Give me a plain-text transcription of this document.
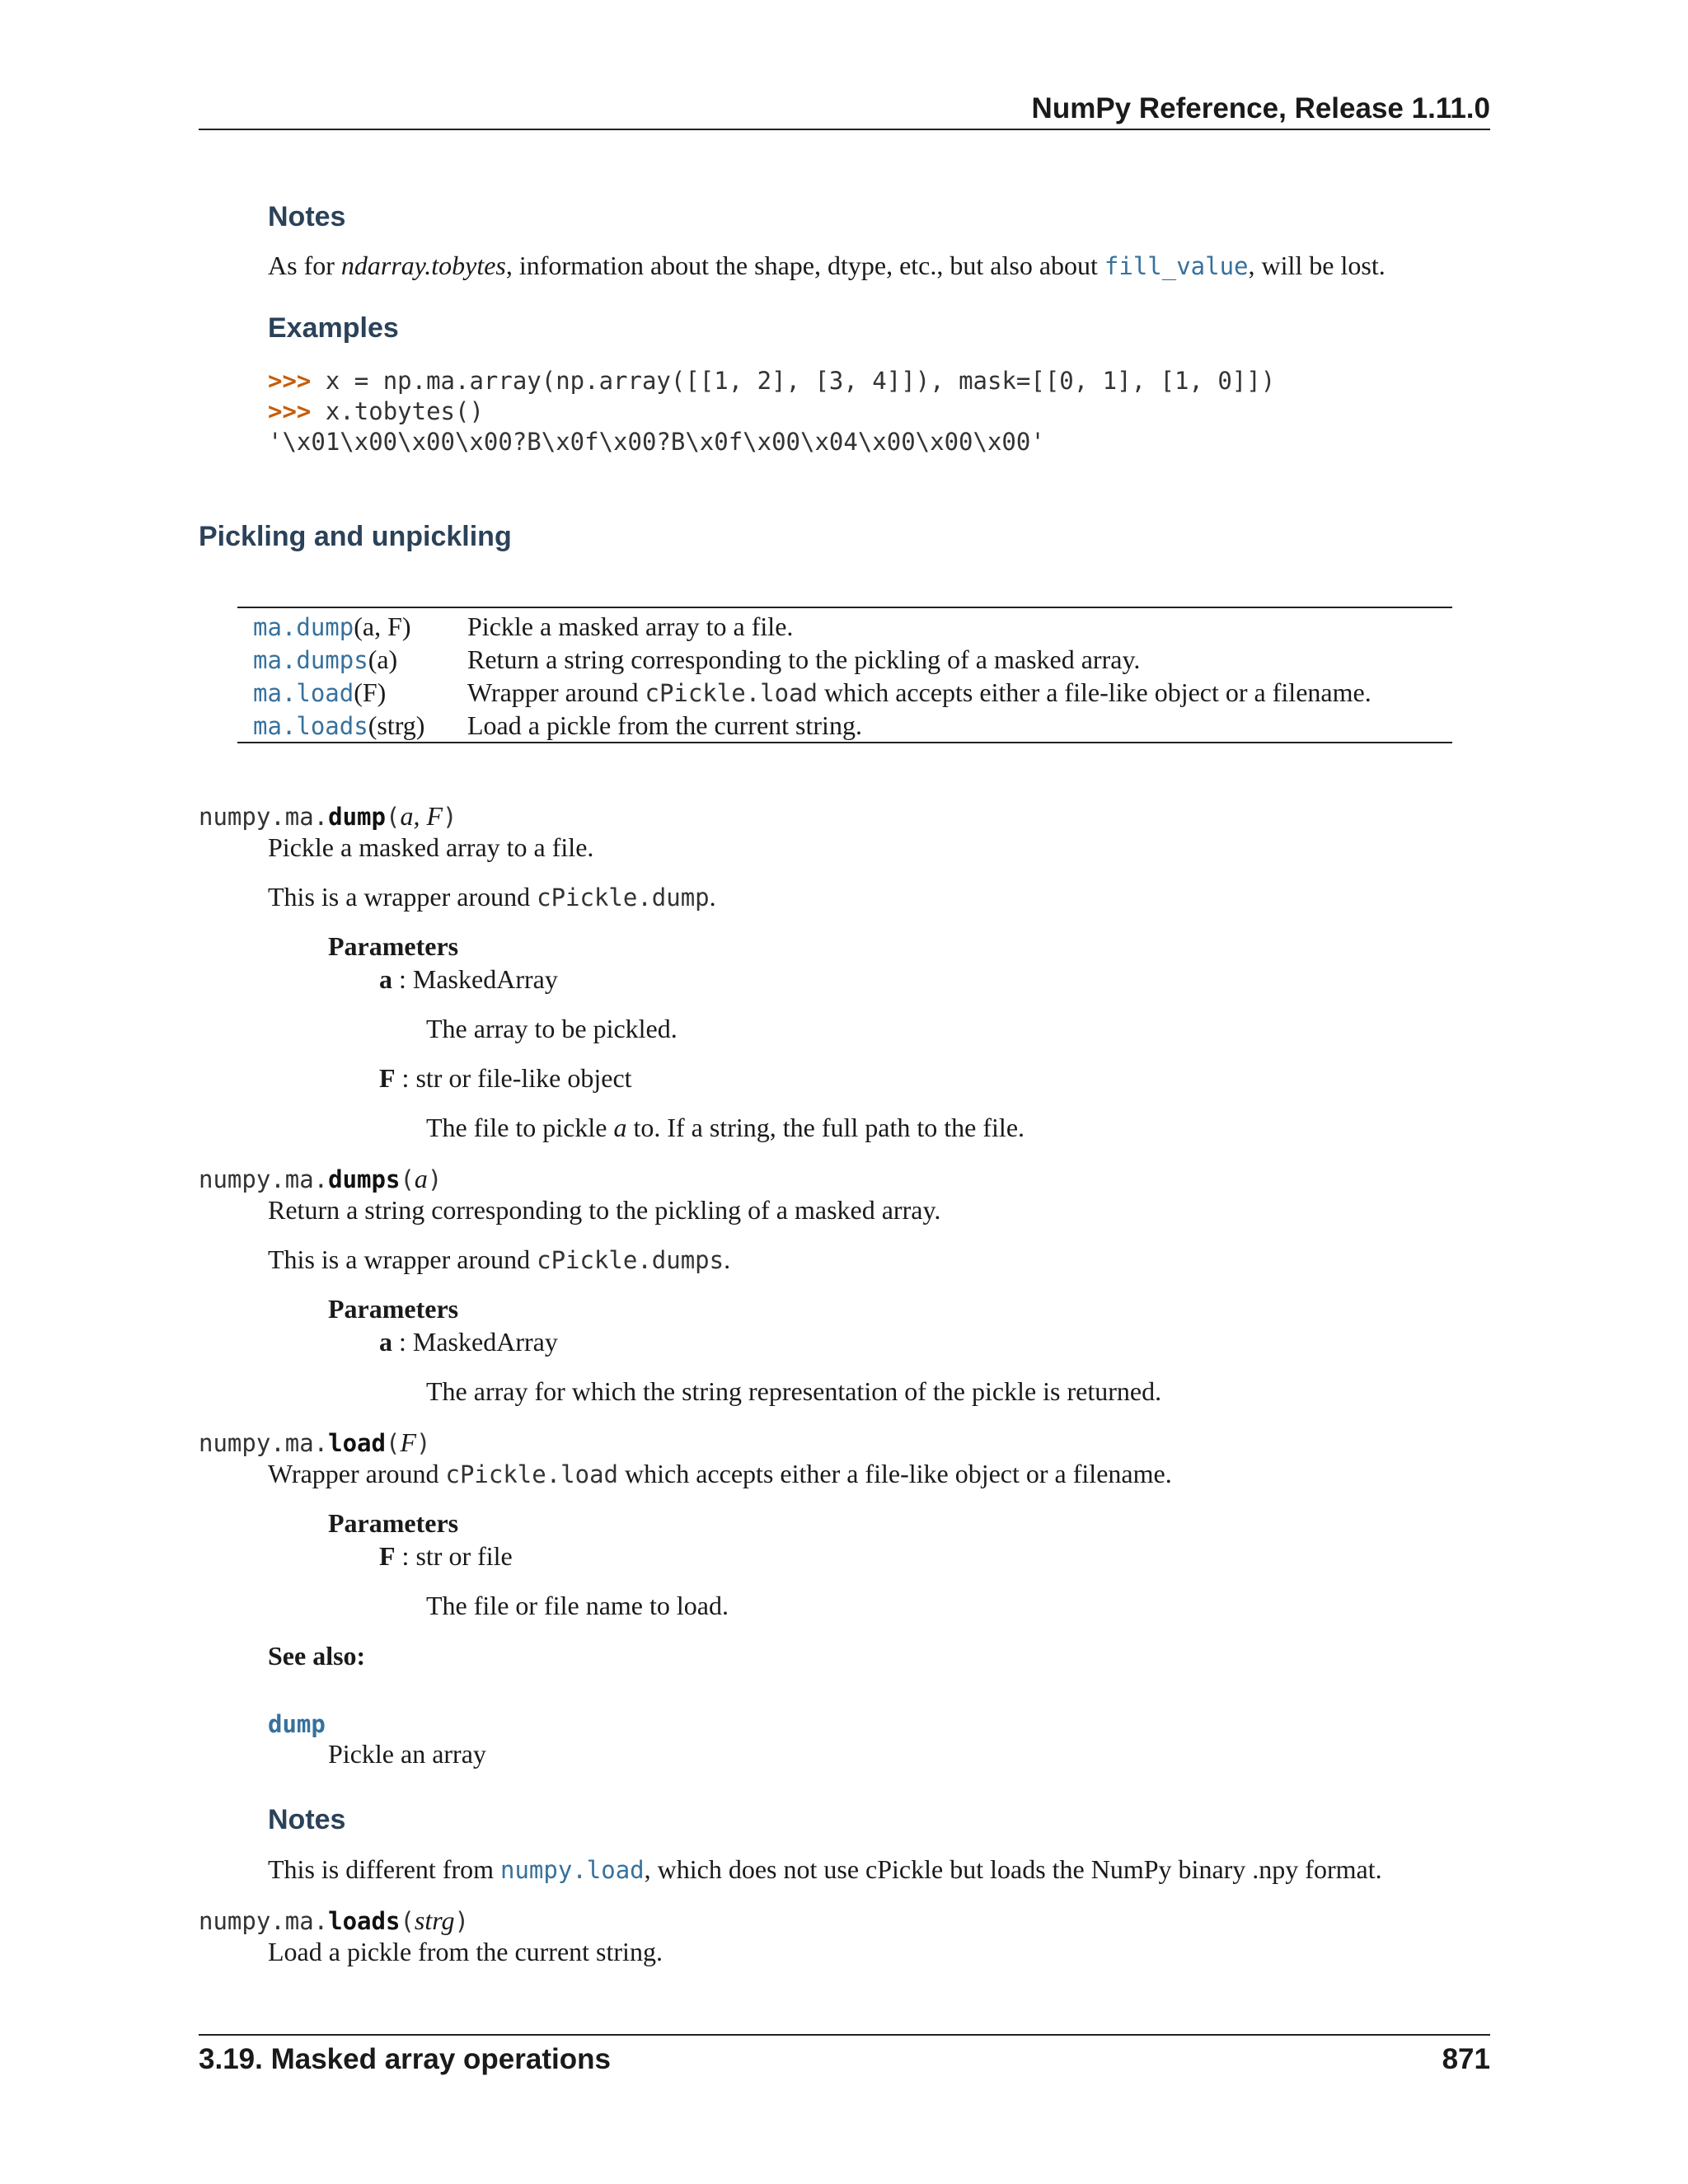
NumPy Reference, Release 1.11.0
Notes
As for ndarray.tobytes, information about the shape, dtype, etc., but also about fill_value, will be lost.
Examples
>>> x = np.ma.array(np.array([[1, 2], [3, 4]]), mask=[[0, 1], [1, 0]])
>>> x.tobytes()
'\x01\x00\x00\x00?B\x0f\x00?B\x0f\x00\x04\x00\x00\x00'
Pickling and unpickling
ma.dump(a, F)	Pickle a masked array to a file.
ma.dumps(a)	Return a string corresponding to the pickling of a masked array.
ma.load(F)	Wrapper around cPickle.load which accepts either a file-like object or a filename.
ma.loads(strg)	Load a pickle from the current string.
numpy.ma.dump(a, F)
Pickle a masked array to a file.
This is a wrapper around cPickle.dump.
Parameters
a : MaskedArray
The array to be pickled.
F : str or file-like object
The file to pickle a to. If a string, the full path to the file.
numpy.ma.dumps(a)
Return a string corresponding to the pickling of a masked array.
This is a wrapper around cPickle.dumps.
Parameters
a : MaskedArray
The array for which the string representation of the pickle is returned.
numpy.ma.load(F)
Wrapper around cPickle.load which accepts either a file-like object or a filename.
Parameters
F : str or file
The file or file name to load.
See also:
dump
Pickle an array
Notes
This is different from numpy.load, which does not use cPickle but loads the NumPy binary .npy format.
numpy.ma.loads(strg)
Load a pickle from the current string.
3.19. Masked array operations	871
